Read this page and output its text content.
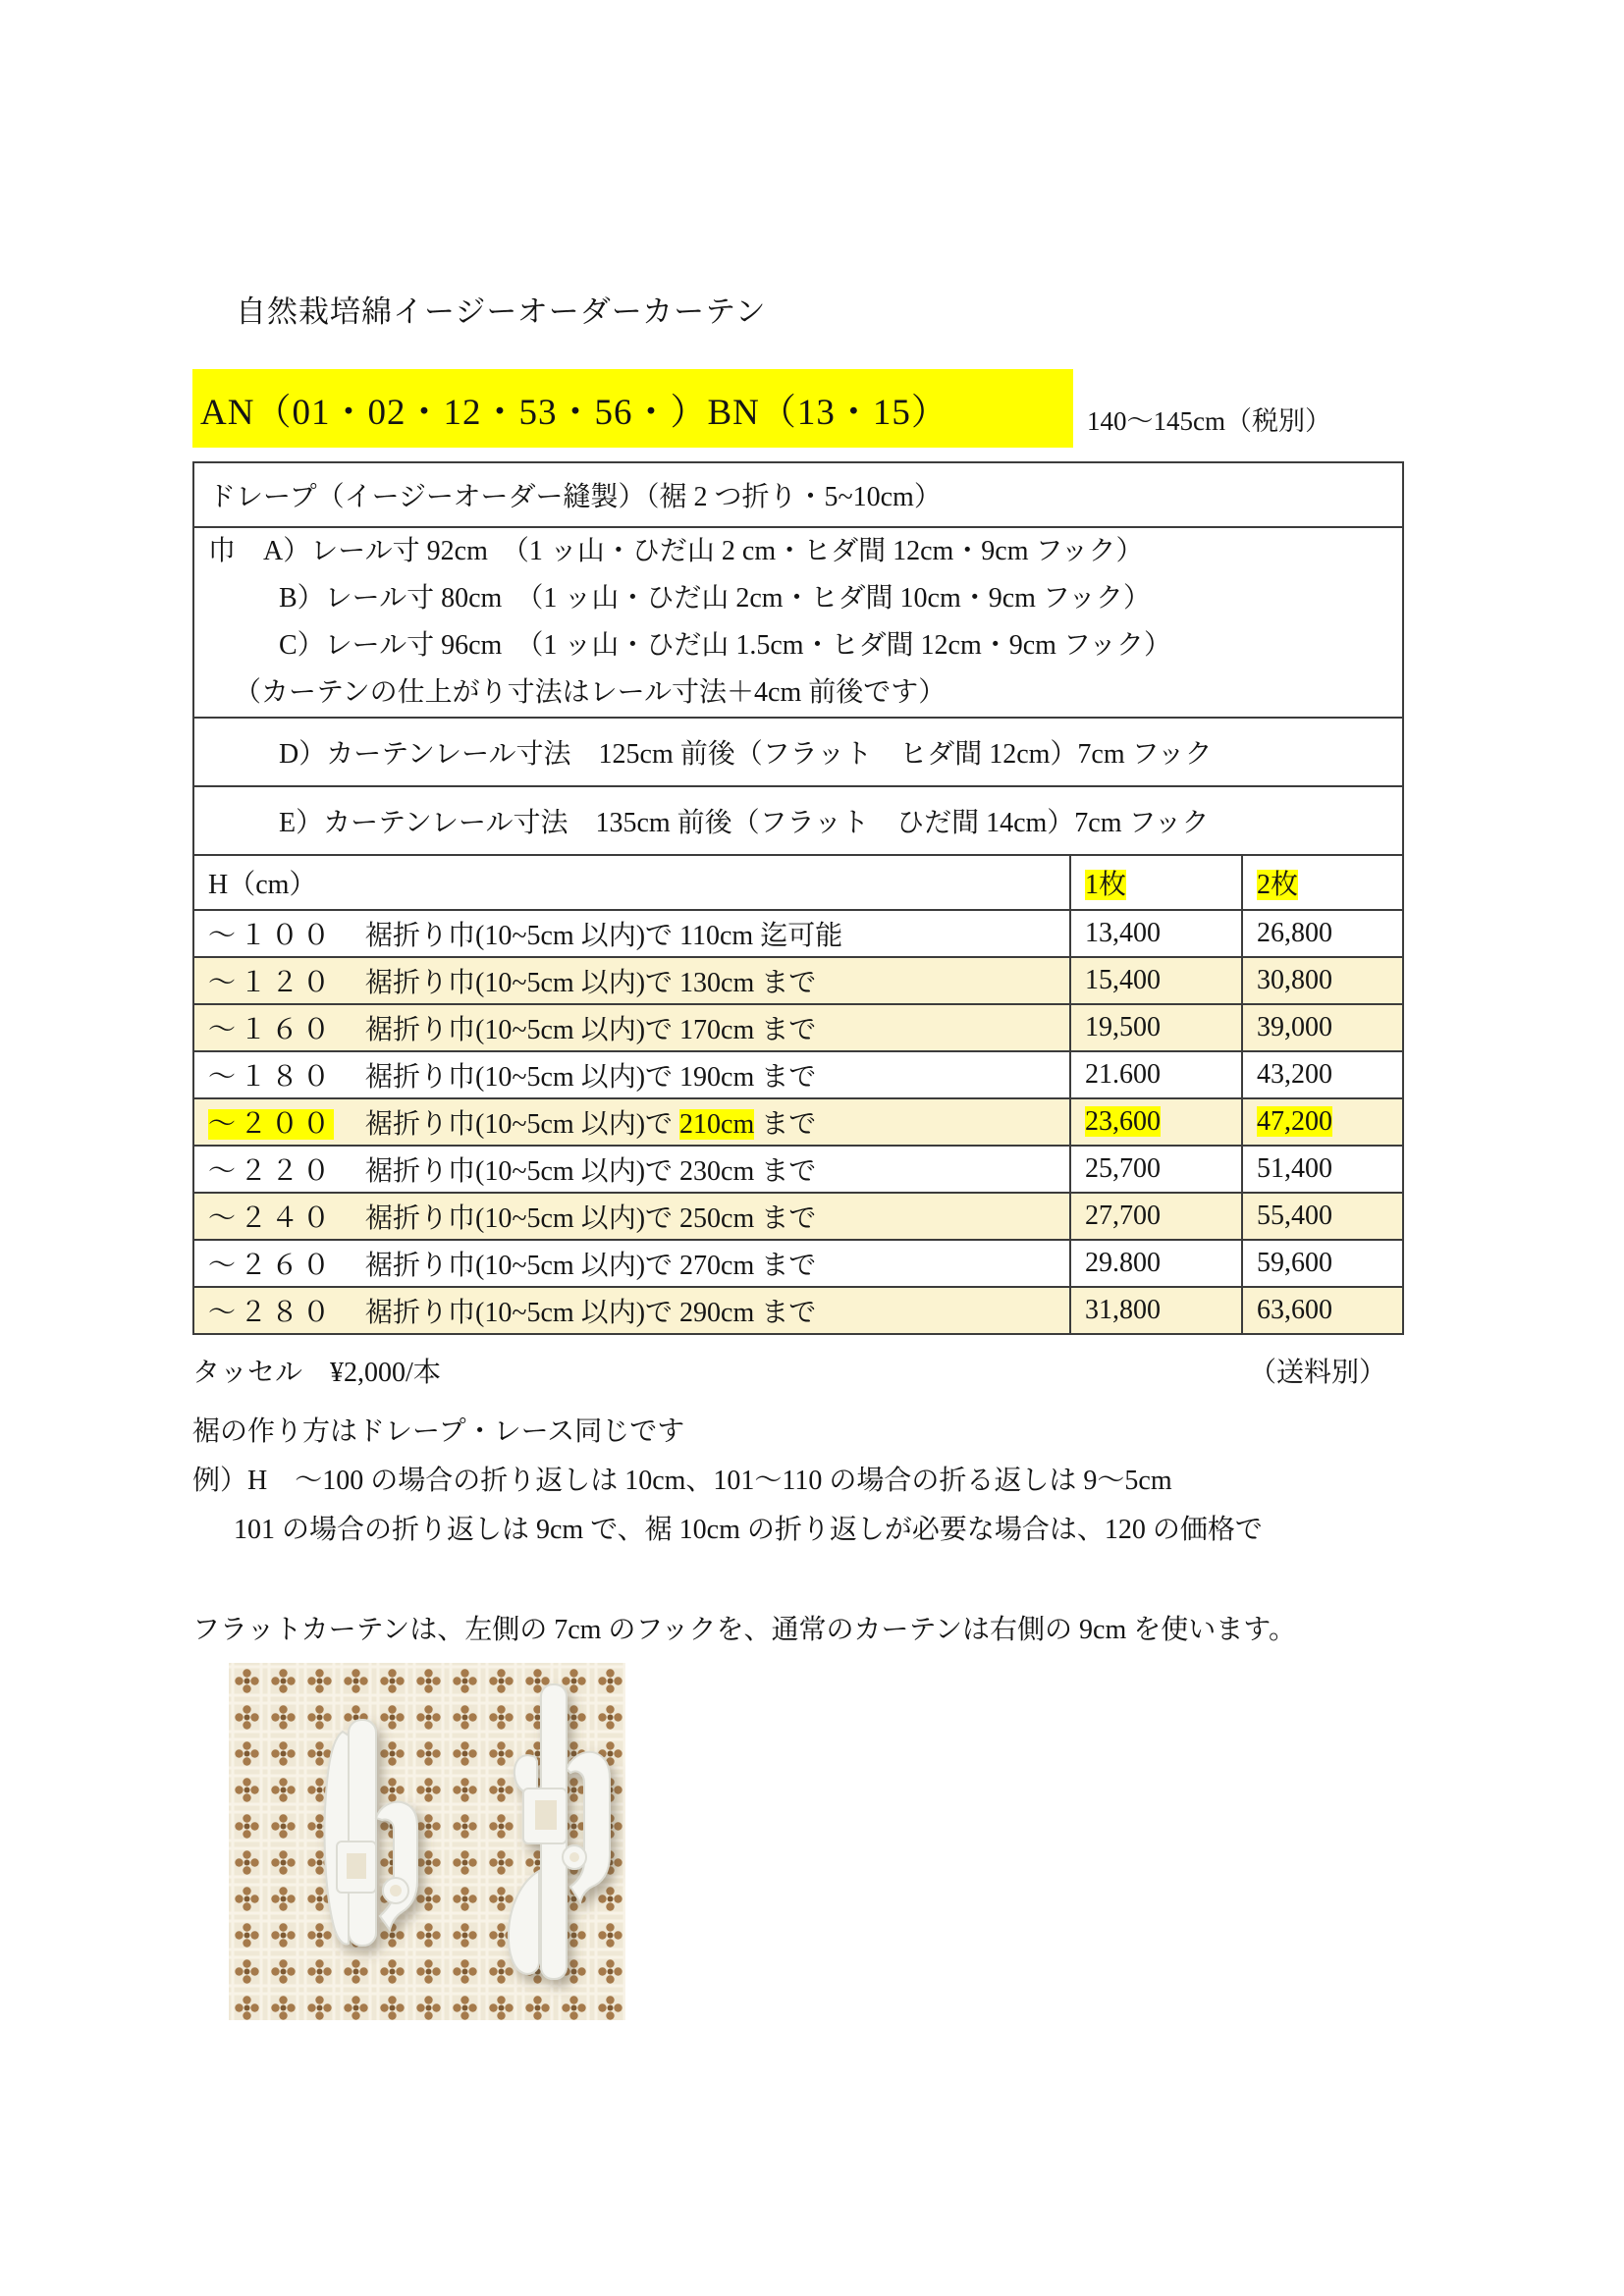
自然栽培綿イージーオーダーカーテン
AN（01・02・12・53・56・）BN（13・15）	140〜145cm（税別）
ドレープ（イージーオーダー縫製）（裾 2 つ折り・5~10cm）		

巾 A）レール寸 92cm　（1 ッ山・ひだ山 2 cm・ヒダ間 12cm・9cm フック）
B）レール寸 80cm　（1 ッ山・ひだ山 2cm・ヒダ間 10cm・9cm フック）
C）レール寸 96cm　（1 ッ山・ひだ山 1.5cm・ヒダ間 12cm・9cm フック）
（カーテンの仕上がり寸法はレール寸法＋4cm 前後です）		

D）カーテンレール寸法　125cm 前後（フラット　ヒダ間 12cm）7cm フック		
E）カーテンレール寸法　135cm 前後（フラット　ひだ間 14cm）7cm フック		
H（cm）	1枚	2枚
～１００ 裾折り巾(10~5cm 以内)で 110cm 迄可能	13,400	26,800
～１２０ 裾折り巾(10~5cm 以内)で 130cm まで	15,400	30,800
～１６０ 裾折り巾(10~5cm 以内)で 170cm まで	19,500	39,000
～１８０ 裾折り巾(10~5cm 以内)で 190cm まで	21.600	43,200
～２００ 裾折り巾(10~5cm 以内)で 210cm まで	23,600	47,200
～２２０ 裾折り巾(10~5cm 以内)で 230cm まで	25,700	51,400
～２４０ 裾折り巾(10~5cm 以内)で 250cm まで	27,700	55,400
～２６０ 裾折り巾(10~5cm 以内)で 270cm まで	29.800	59,600
～２８０ 裾折り巾(10~5cm 以内)で 290cm まで	31,800	63,600
タッセル　¥2,000/本	（送料別）
裾の作り方はドレープ・レース同じです
例）H　～100 の場合の折り返しは 10cm、101～110 の場合の折る返しは 9～5cm
101 の場合の折り返しは 9cm で、裾 10cm の折り返しが必要な場合は、120 の価格で
フラットカーテンは、左側の 7cm のフックを、通常のカーテンは右側の 9cm を使います。
